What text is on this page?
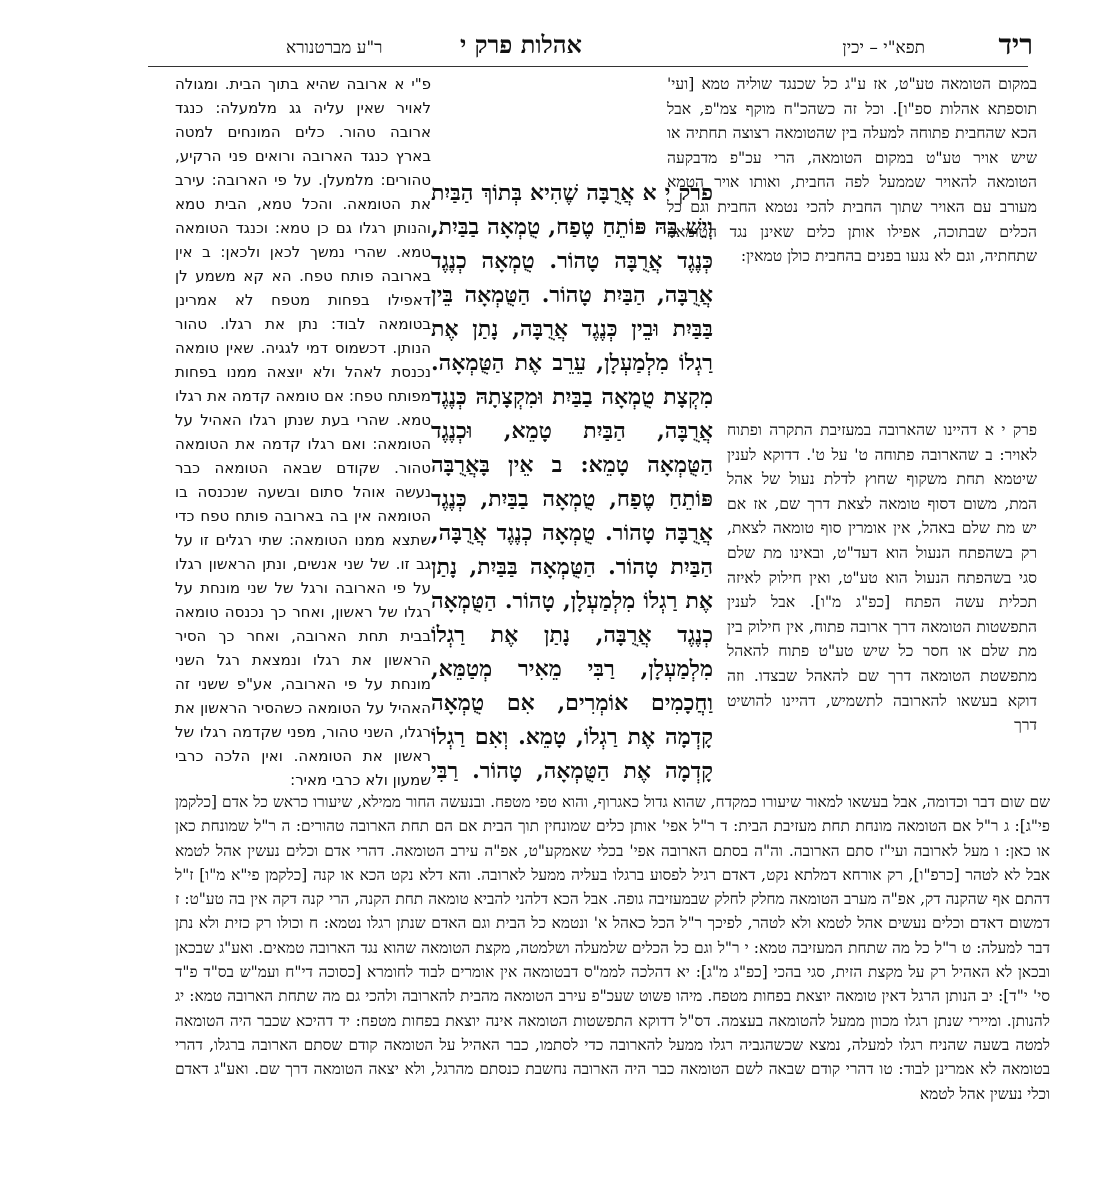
ריד
תפא"י – יכין
אהלות פרק י
ר"ע מברטנורא

במקום הטומאה טע"ט, אז ע"ג כל שכנגד שוליה טמא [ועי' תוספתא אהלות ספ"ו]. וכל זה כשהכ"ח מוקף צמ"פ, אבל הכא שהחבית פתוחה למעלה בין שהטומאה רצוצה תחתיה או שיש אויר טע"ט במקום הטומאה, הרי עכ"פ מדבקעה הטומאה להאויר שממעל לפה החבית, ואותו אויר הטמא מעורב עם האויר שתוך החבית להכי נטמא החבית וגם כל הכלים שבתוכה, אפילו אותן כלים שאינן נגד הטומאה שתחתיה, וגם לא נגעו בפנים בהחבית כולן טמאין:

פרק י א אֲרֻבָּה שֶׁהִיא בְּתוֹךְ הַבַּיִת וְיֵשׁ בָּהּ פּוֹתֵחַ טֶפַח, טֻמְאָה בַבַּיִת, כְּנֶגֶד אֲרֻבָּה טָהוֹר. טֻמְאָה כְנֶגֶד אֲרֻבָּה, הַבַּיִת טָהוֹר. הַטֻּמְאָה בֵּין בַּבַּיִת וּבֵין כְּנֶגֶד אֲרֻבָּה, נָתַן אֶת רַגְלוֹ מִלְמַעְלָן, עֵרֵב אֶת הַטֻּמְאָה. מִקְצָת טֻמְאָה בַבַּיִת וּמִקְצָתָהּ כְּנֶגֶד אֲרֻבָּה, הַבַּיִת טָמֵא, וּכְנֶגֶד הַטֻּמְאָה טָמֵא: ב אֵין בָּאֲרֻבָּה פּוֹתֵחַ טֶפַח, טֻמְאָה בַבַּיִת, כְּנֶגֶד אֲרֻבָּה טָהוֹר. טֻמְאָה כְנֶגֶד אֲרֻבָּה, הַבַּיִת טָהוֹר. הַטֻּמְאָה בַּבַּיִת, נָתַן אֶת רַגְלוֹ מִלְמַעְלָן, טָהוֹר. הַטֻּמְאָה כְנֶגֶד אֲרֻבָּה, נָתַן אֶת רַגְלוֹ מִלְמַעְלָן, רַבִּי מֵאִיר מְטַמֵּא, וַחֲכָמִים אוֹמְרִים, אִם טֻמְאָה קָדְמָה אֶת רַגְלוֹ, טָמֵא. וְאִם רַגְלוֹ קָדְמָה אֶת הַטֻּמְאָה, טָהוֹר. רַבִּי

פרק י א דהיינו שהארובה במעזיבת התקרה ופתוח לאויר: ב שהארובה פתוחה ט' על ט'. דדוקא לענין שיטמא תחת משקוף שחוץ לדלת נעול של אהל המת, משום דסוף טומאה לצאת דרך שם, אז אם יש מת שלם באהל, אין אומרין סוף טומאה לצאת, רק בשהפתח הנעול הוא דעד"ט, ובאינו מת שלם סגי בשהפתח הנעול הוא טע"ט, ואין חילוק לאיזה תכלית עשה הפתח [כפ"ג מ"ו]. אבל לענין התפשטות הטומאה דרך ארובה פתוח, אין חילוק בין מת שלם או חסר כל שיש טע"ט פתוח להאהל מתפשטת הטומאה דרך שם להאהל שבצדו. וזה דוקא בעשאו להארובה לתשמיש, דהיינו להושיט דרך

פ"י א ארובה שהיא בתוך הבית. ומגולה לאויר שאין עליה גג מלמעלה: כנגד ארובה טהור. כלים המונחים למטה בארץ כנגד הארובה ורואים פני הרקיע, טהורים: מלמעלן. על פי הארובה: עירב את הטומאה. והכל טמא, הבית טמא והנותן רגלו גם כן טמא: וכנגד הטומאה טמא. שהרי נמשך לכאן ולכאן: ב אין בארובה פותח טפח. הא קא משמע לן דאפילו בפחות מטפח לא אמרינן בטומאה לבוד: נתן את רגלו. טהור הנותן. דכשמוס דמי לגגיה. שאין טומאה נכנסת לאהל ולא יוצאה ממנו בפחות מפותח טפח: אם טומאה קדמה את רגלו טמא. שהרי בעת שנתן רגלו האהיל על הטומאה: ואם רגלו קדמה את הטומאה טהור. שקודם שבאה הטומאה כבר נעשה אוהל סתום ובשעה שנכנסה בו הטומאה אין בה בארובה פותח טפח כדי שתצא ממנו הטומאה: שתי רגלים זו על גב זו. של שני אנשים, ונתן הראשון רגלו על פי הארובה ורגל של שני מונחת על רגלו של ראשון, ואחר כך נכנסה טומאה בבית תחת הארובה, ואחר כך הסיר הראשון את רגלו ונמצאת רגל השני מונחת על פי הארובה, אע"פ ששני זה האהיל על הטומאה כשהסיר הראשון את רגלו, השני טהור, מפני שקדמה רגלו של ראשון את הטומאה. ואין הלכה כרבי שמעון ולא כרבי מאיר:

שם שום דבר וכדומה, אבל בעשאו למאור שיעורו כמקדח, שהוא גדול כאגרוף, והוא טפי מטפח. ובנעשה החור ממילא, שיעורו כראש כל אדם [כלקמן פי"ג]: ג ר"ל אם הטומאה מונחת תחת מעזיבת הבית: ד ר"ל אפי' אותן כלים שמונחין תוך הבית אם הם תחת הארובה טהורים: ה ר"ל שמונחת כאן או כאן: ו מעל לארובה ועי"ז סתם הארובה. וה"ה בסתם הארובה אפי' בכלי שאמקע"ט, אפ"ה עירב הטומאה. דהרי אדם וכלים נעשין אהל לטמא אבל לא לטהר [כרפ"ו], רק אורחא דמלתא נקט, דאדם רגיל לפסוע ברגלו בעליה ממעל לארובה. והא דלא נקט הכא או קנה [כלקמן פי"א מ"ו] ז"ל דהתם אף שהקנה דק, אפ"ה מערב הטומאה מחלק לחלק שבמעזיבה גופה. אבל הכא דלהני להביא טומאה תחת הקנה, הרי קנה דקה אין בה טע"ט: ז דמשום דאדם וכלים נעשים אהל לטמא ולא לטהר, לפיכך ר"ל הכל כאהל א' ונטמא כל הבית וגם האדם שנתן רגלו נטמא: ח וכולו רק כזית ולא נתן דבר למעלה: ט ר"ל כל מה שתחת המעזיבה טמא: י ר"ל וגם כל הכלים שלמעלה ושלמטה, מקצת הטומאה שהוא נגד הארובה טמאים. ואע"ג שבכאן ובכאן לא האהיל רק על מקצת הזית, סגי בהכי [כפ"ג מ"ג]: יא דהלכה לממ"ס דבטומאה אין אומרים לבוד לחומרא [כסוכה די"ח ועמ"ש בס"ד פ"ד סי' י"ד]: יב הנותן הרגל דאין טומאה יוצאת בפחות מטפח. מיהו פשוט שעכ"פ עירב הטומאה מהבית להארובה ולהכי גם מה שתחת הארובה טמא: יג להנותן. ומיירי שנתן רגלו מכוון ממעל להטומאה בעצמה. דס"ל דדוקא התפשטות הטומאה אינה יוצאת בפחות מטפח: יד דהיכא שכבר היה הטומאה למטה בשעה שהניח רגלו למעלה, נמצא שכשהגביה רגלו ממעל להארובה כדי לסתמו, כבר האהיל על הטומאה קודם שסתם הארובה ברגלו, דהרי בטומאה לא אמרינן לבוד: טו דהרי קודם שבאה לשם הטומאה כבר היה הארובה נחשבת כנסתם מהרגל, ולא יצאה הטומאה דרך שם. ואע"ג דאדם וכלי נעשין אהל לטמא
